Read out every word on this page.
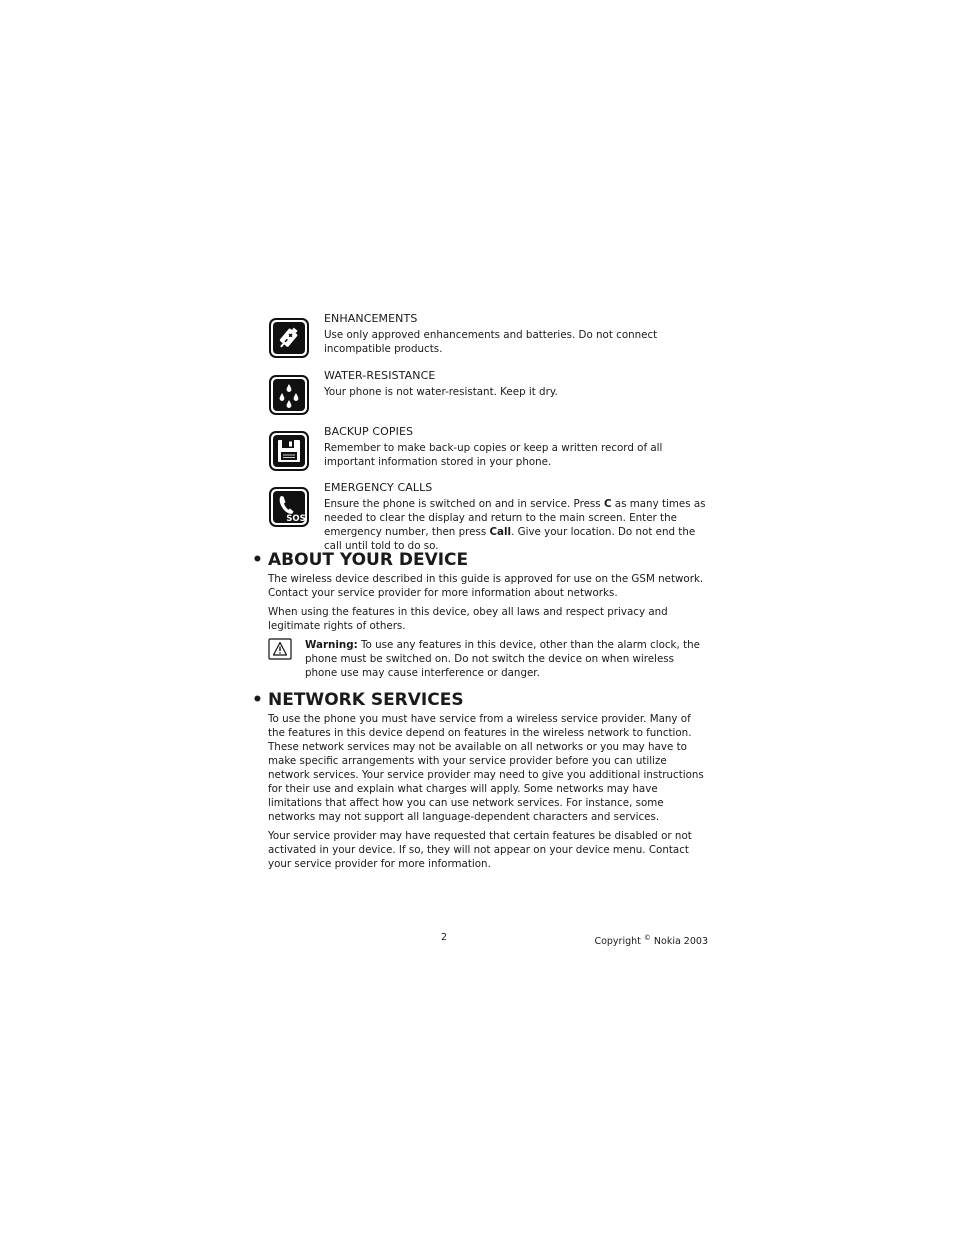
ENHANCEMENTS

Use only approved enhancements and batteries. Do not connect incompatible products.

WATER-RESISTANCE

Your phone is not water-resistant. Keep it dry.

BACKUP COPIES

Remember to make back-up copies or keep a written record of all important information stored in your phone.

SOS

EMERGENCY CALLS

Ensure the phone is switched on and in service. Press C as many times as needed to clear the display and return to the main screen. Enter the emergency number, then press Call. Give your location. Do not end the call until told to do so.

• ABOUT YOUR DEVICE

The wireless device described in this guide is approved for use on the GSM network. Contact your service provider for more information about networks.

When using the features in this device, obey all laws and respect privacy and legitimate rights of others.

Warning: To use any features in this device, other than the alarm clock, the phone must be switched on. Do not switch the device on when wireless phone use may cause interference or danger.

• NETWORK SERVICES

To use the phone you must have service from a wireless service provider. Many of the features in this device depend on features in the wireless network to function. These network services may not be available on all networks or you may have to make specific arrangements with your service provider before you can utilize network services. Your service provider may need to give you additional instructions for their use and explain what charges will apply. Some networks may have limitations that affect how you can use network services. For instance, some networks may not support all language-dependent characters and services.

Your service provider may have requested that certain features be disabled or not activated in your device. If so, they will not appear on your device menu. Contact your service provider for more information.

2	Copyright © Nokia 2003
